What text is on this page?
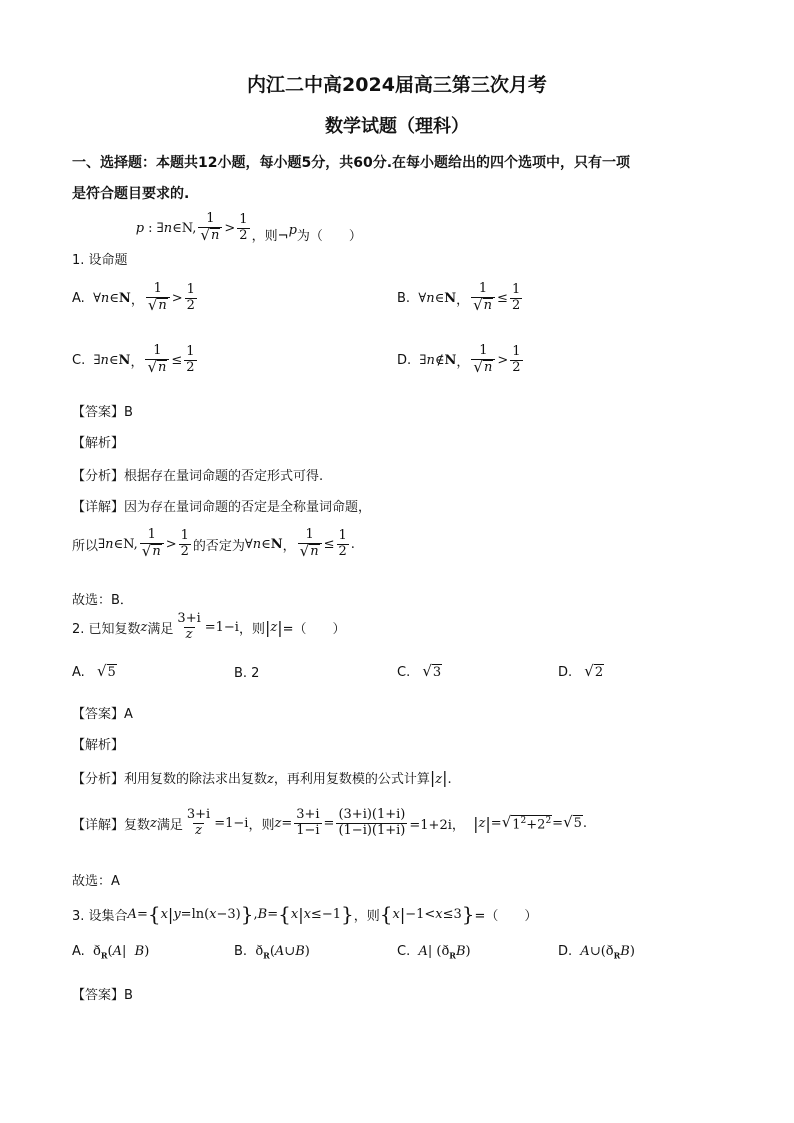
内江二中高2024届高三第三次月考
数学试题（理科）
一、选择题：本题共12小题，每小题5分，共60分.在每小题给出的四个选项中，只有一项
是符合题目要求的.
1. 设命题
p : ∃ n ∈N, $\frac{1}{√ n} > \frac{1}{2}$ ，则¬p为（　　）
A.  ∀ n ∈ N ， $\frac{1}{√ n} > \frac{1}{2}$	B.  ∀ n ∈ N ， $\frac{1}{√ n} \le \frac{1}{2}$
C.  ∃ n ∈ N ， $\frac{1}{√ n} \le \frac{1}{2}$	D.  ∃ n ∉ N ， $\frac{1}{√ n} > \frac{1}{2}$
【答案】B
【解析】
【分析】根据存在量词命题的否定形式可得.
【详解】因为存在量词命题的否定是全称量词命题，
所以 ∃ n ∈N, $\frac{1}{√ n} > \frac{1}{2}$ 的否定为 ∀ n ∈ N ， $\frac{1}{√ n} \le \frac{1}{2}$ .
故选：B．
2. 已知复数 z 满足 $\frac{3+i}{z} =1-i$ ，则 | z | =（　　）
A. √ 5	B. 2	C. √ 3	D. √ 2
【答案】A
【解析】
【分析】利用复数的除法求出复数z，再利用复数模的公式计算|z|.
【详解】复数 z 满足 $\frac{3+i}{z} =1-i$ ，则 $z = \frac{3+i}{1-i} = \frac{(3+i)(1+i)}{(1-i)(1+i)} =1+2i$， | z | = √ $1^2+2^2$ = √ 5 .
故选：A
3. 设集合 A = { x | y =ln( x −3) } , B = { x | x ≤−1 } ，则 { x | −1< x ≤3 } =（　　）
A.  $ð_R(A|$  B)	B.  $ð_R(A\cup B)$	C. A| $(ð_RB)$	D. $A\cup(ð_RB)$
【答案】B
